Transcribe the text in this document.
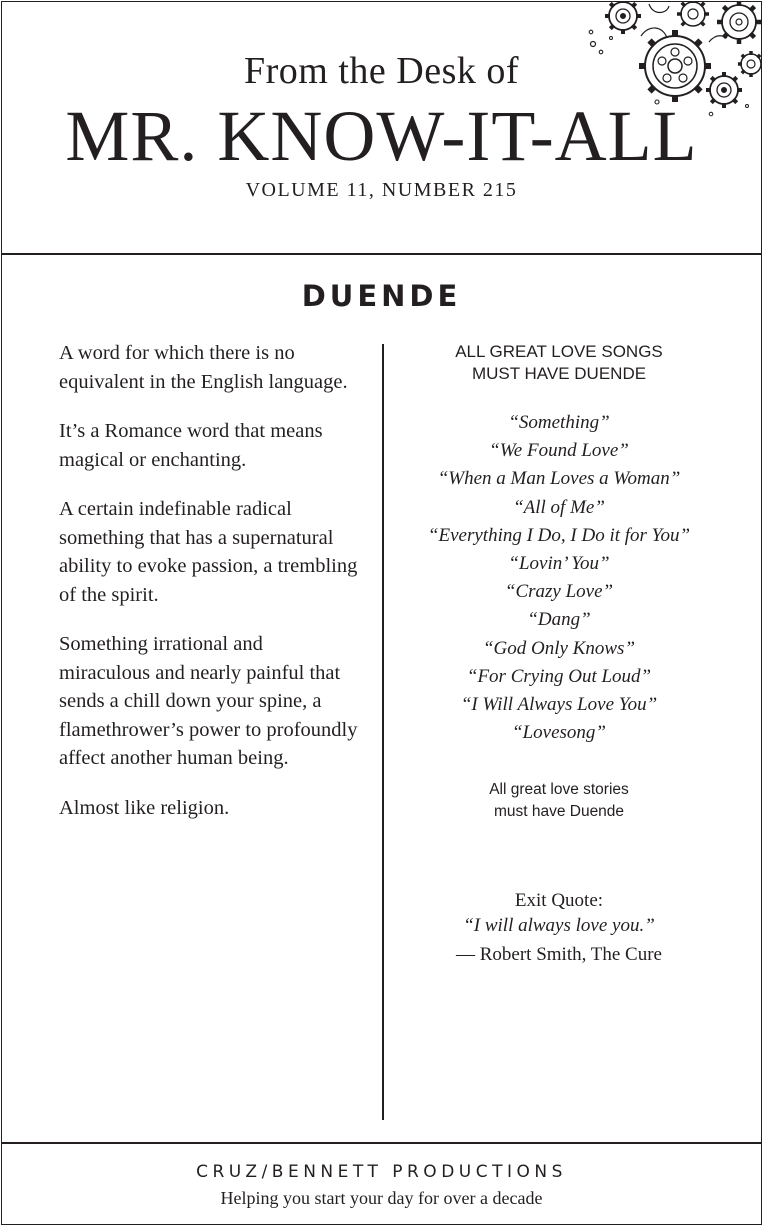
From the Desk of
MR. KNOW-IT-ALL
VOLUME 11, NUMBER 215
DUENDE

A word for which there is no equivalent in the English language.

It’s a Romance word that means magical or enchanting.

A certain indefinable radical something that has a supernatural ability to evoke passion, a trembling of the spirit.

Something irrational and miraculous and nearly painful that sends a chill down your spine, a flamethrower’s power to profoundly affect another human being.

Almost like religion.

ALL GREAT LOVE SONGS
MUST HAVE DUENDE
“Something”
“We Found Love”
“When a Man Loves a Woman”
“All of Me”
“Everything I Do, I Do it for You”
“Lovin’ You”
“Crazy Love”
“Dang”
“God Only Knows”
“For Crying Out Loud”
“I Will Always Love You”
“Lovesong”
All great love stories
must have Duende
Exit Quote:
“I will always love you.”
— Robert Smith, The Cure
CRUZ/BENNETT PRODUCTIONS
Helping you start your day for over a decade
